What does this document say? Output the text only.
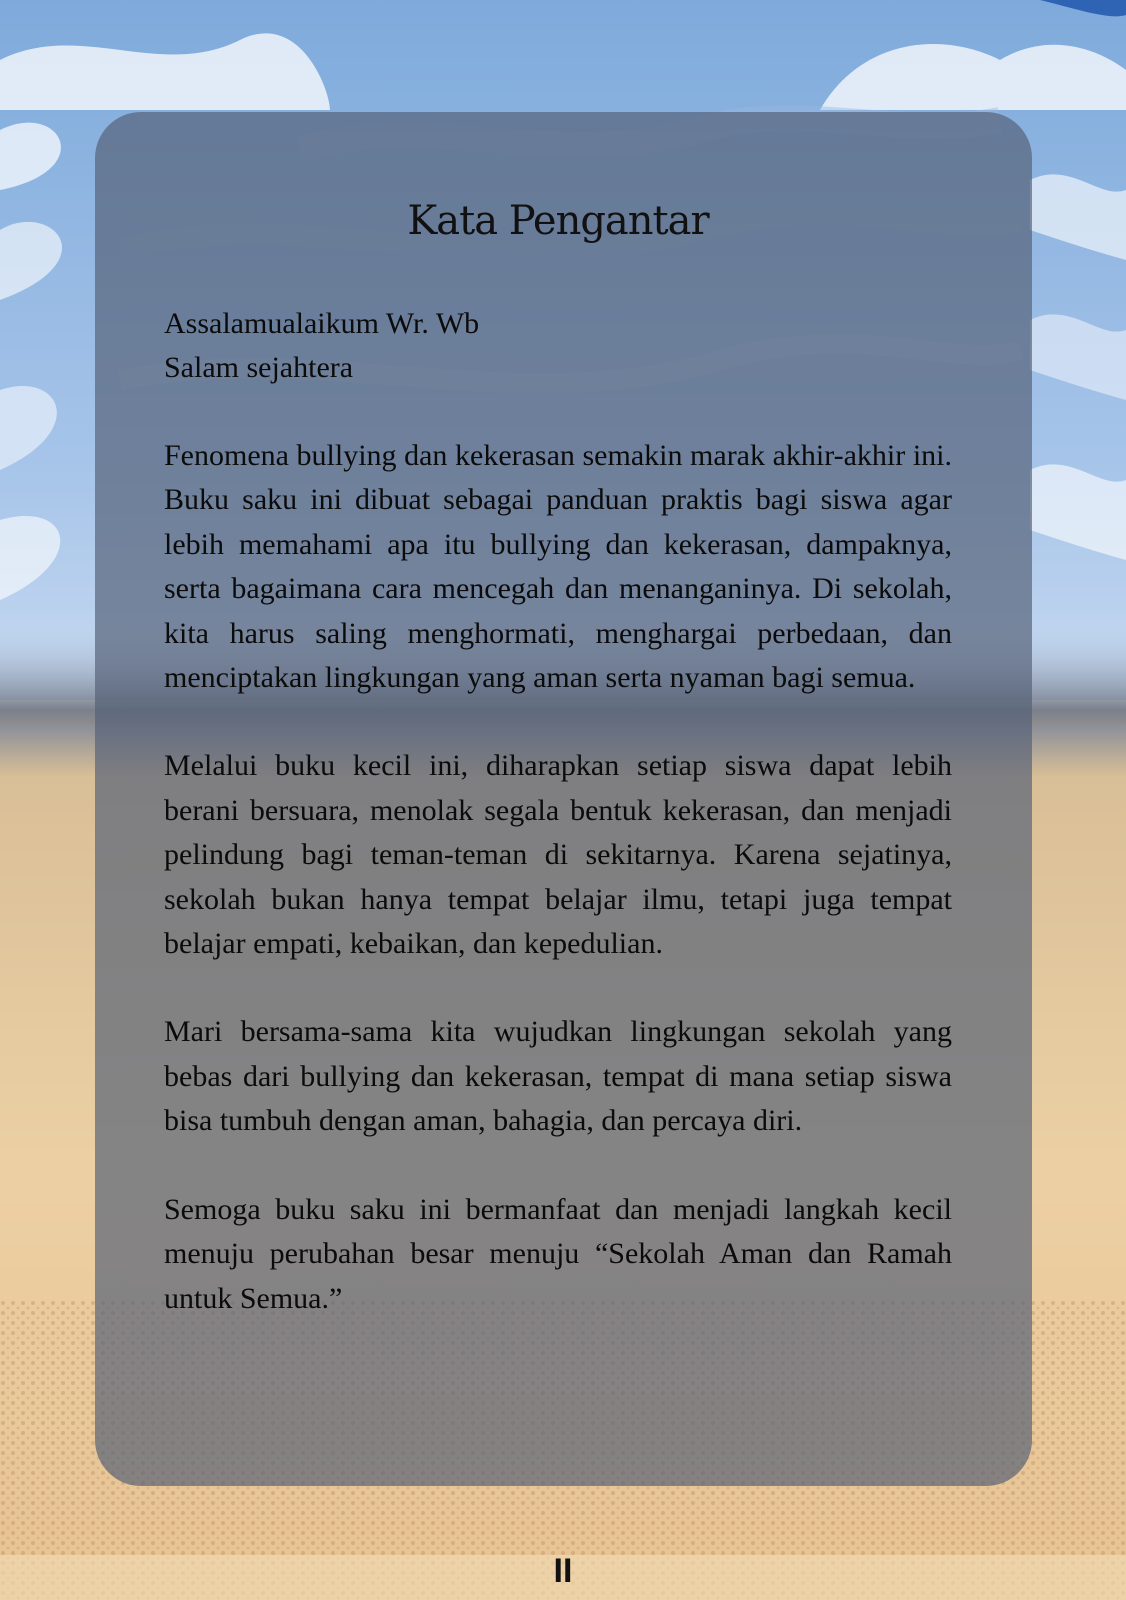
Kata Pengantar

Assalamualaikum Wr. Wb

Salam sejahtera

Fenomena bullying dan kekerasan semakin marak akhir-akhir ini. Buku saku ini dibuat sebagai panduan praktis bagi siswa agar lebih memahami apa itu bullying dan kekerasan, dampaknya, serta bagaimana cara mencegah dan menanganinya. Di sekolah, kita harus saling menghormati, menghargai perbedaan, dan menciptakan lingkungan yang aman serta nyaman bagi semua.

Melalui buku kecil ini, diharapkan setiap siswa dapat lebih berani bersuara, menolak segala bentuk kekerasan, dan menjadi pelindung bagi teman-teman di sekitarnya. Karena sejatinya, sekolah bukan hanya tempat belajar ilmu, tetapi juga tempat belajar empati, kebaikan, dan kepedulian.

Mari bersama-sama kita wujudkan lingkungan sekolah yang bebas dari bullying dan kekerasan, tempat di mana setiap siswa bisa tumbuh dengan aman, bahagia, dan percaya diri.

Semoga buku saku ini bermanfaat dan menjadi langkah kecil menuju perubahan besar menuju “Sekolah Aman dan Ramah untuk Semua.”

II
